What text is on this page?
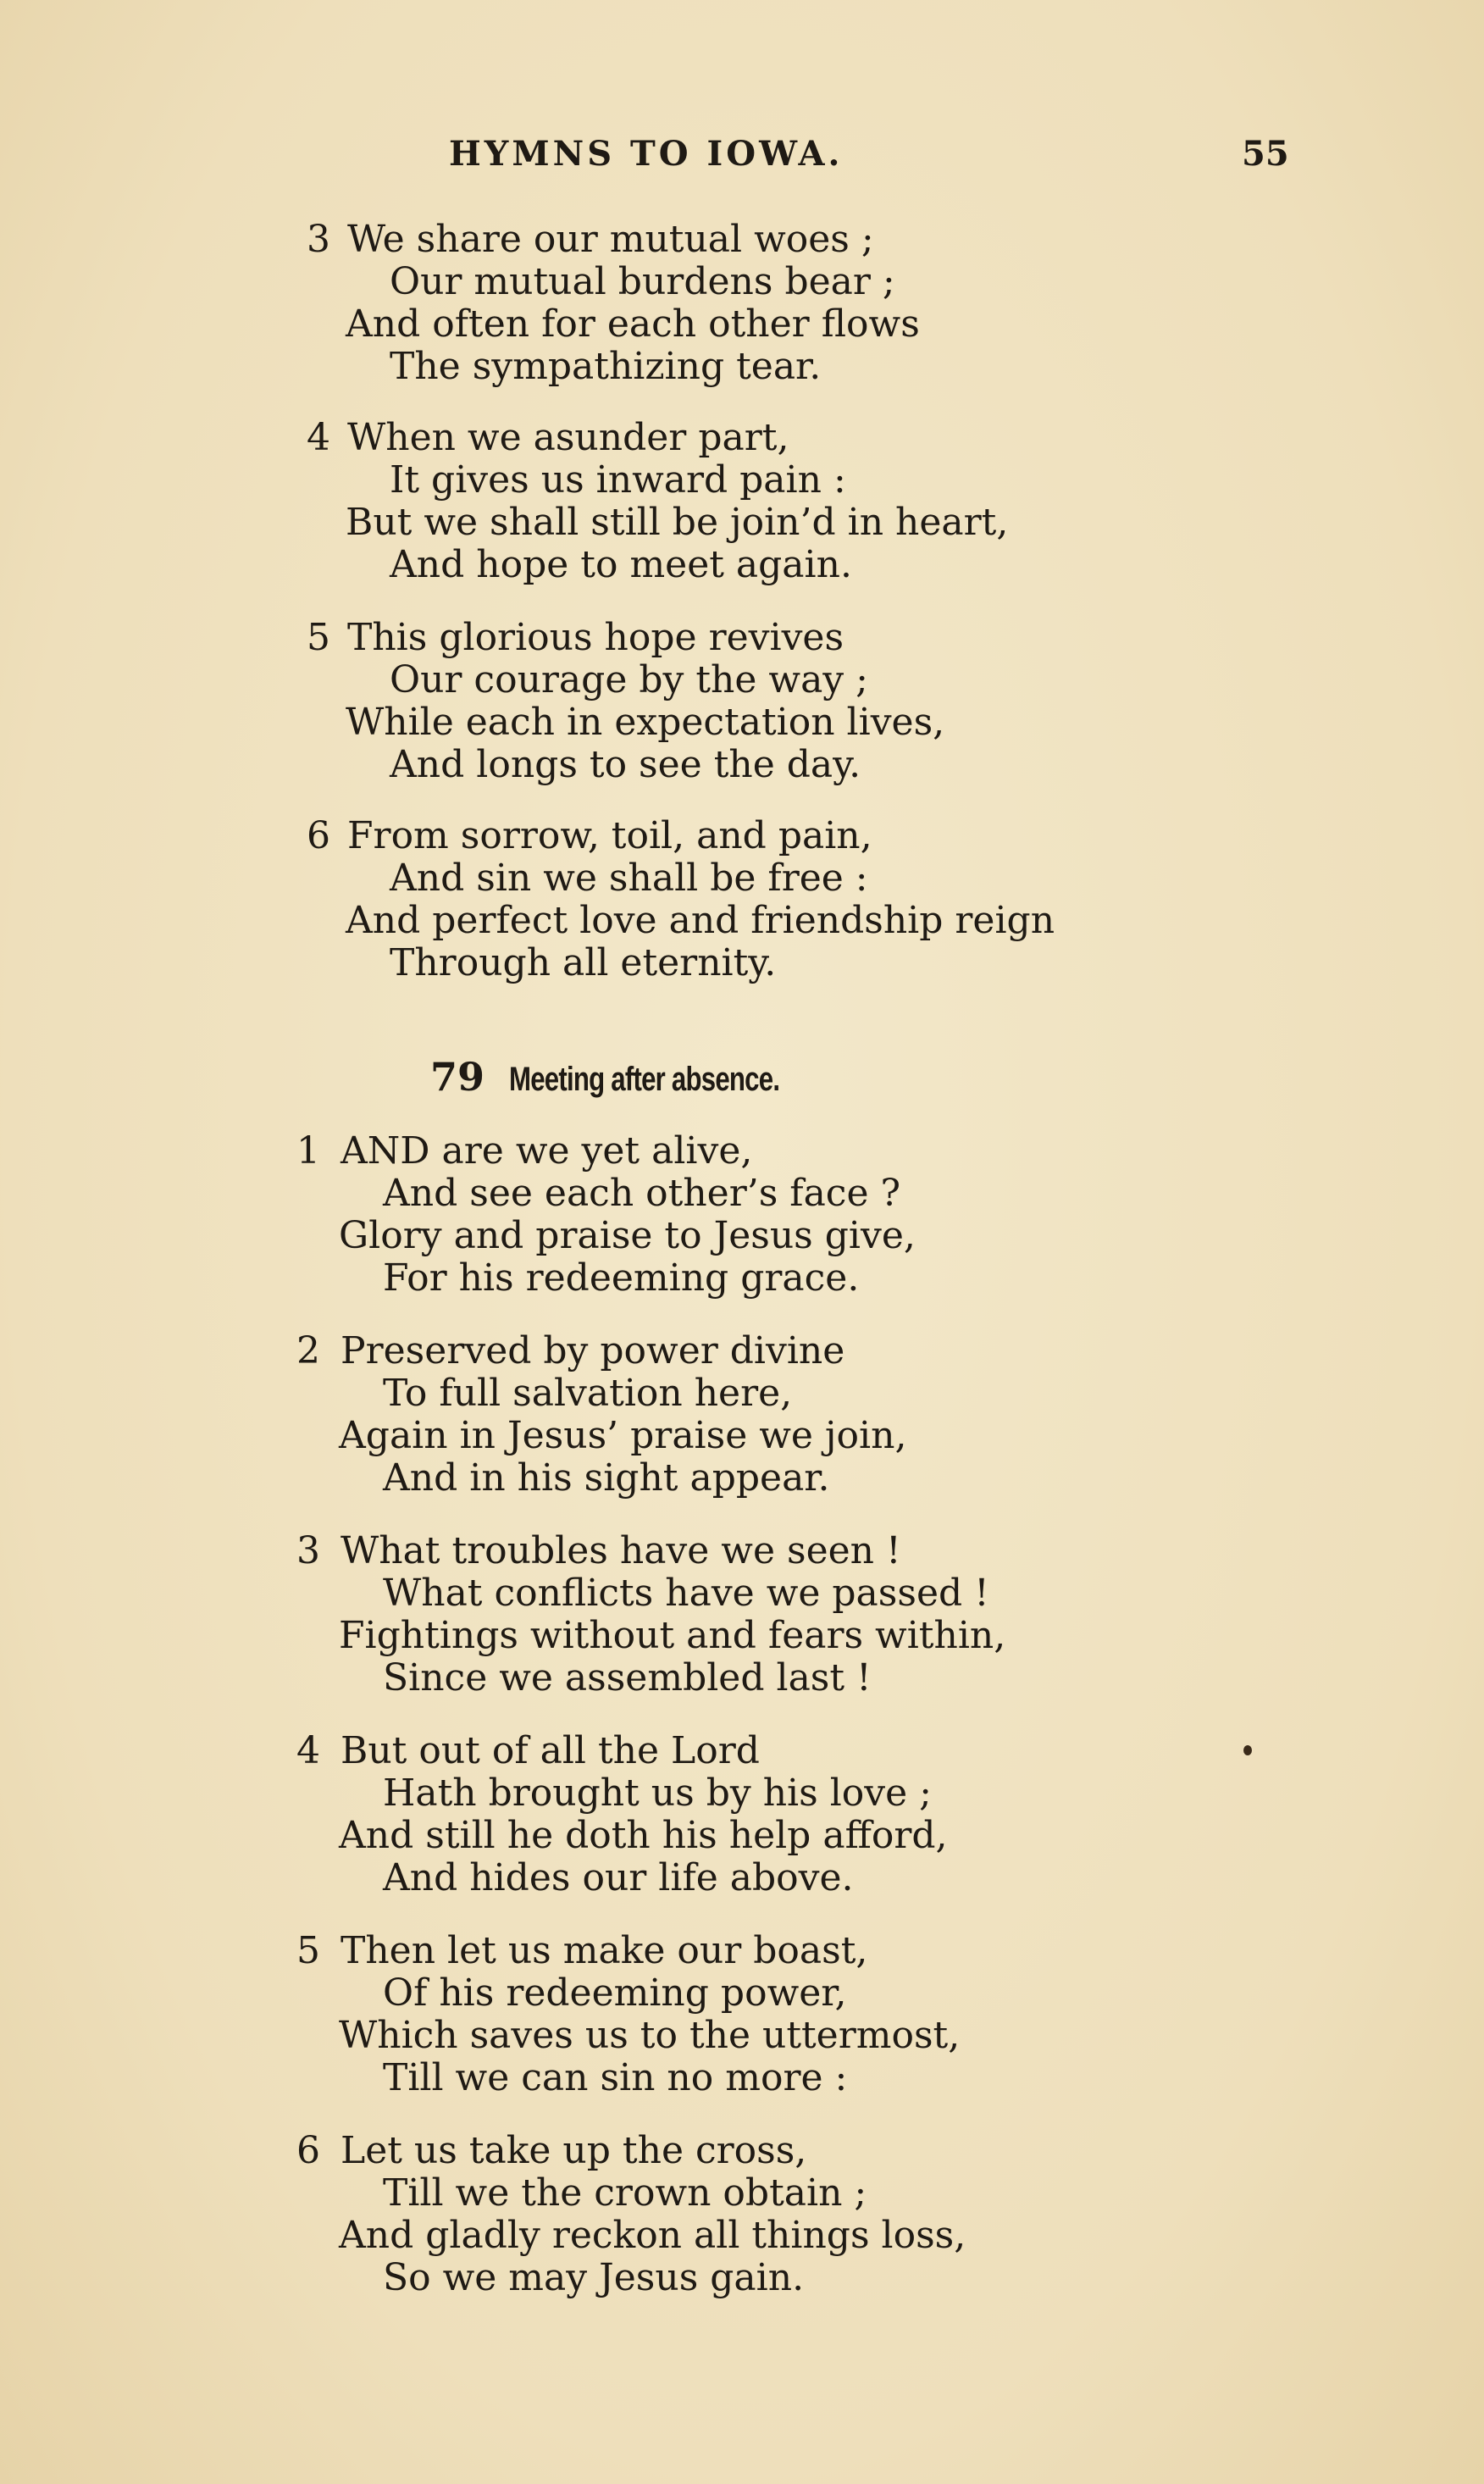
HYMNS TO IOWA.	55
3 We share our mutual woes ;
Our mutual burdens bear ;
And often for each other flows
The sympathizing tear.
4 When we asunder part,
It gives us inward pain :
But we shall still be join’d in heart,
And hope to meet again.
5 This glorious hope revives
Our courage by the way ;
While each in expectation lives,
And longs to see the day.
6 From sorrow, toil, and pain,
And sin we shall be free :
And perfect love and friendship reign
Through all eternity.
79 Meeting after absence.
1 AND are we yet alive,
And see each other’s face ?
Glory and praise to Jesus give,
For his redeeming grace.
2 Preserved by power divine
To full salvation here,
Again in Jesus’ praise we join,
And in his sight appear.
3 What troubles have we seen !
What conflicts have we passed !
Fightings without and fears within,
Since we assembled last !
4 But out of all the Lord
Hath brought us by his love ;
And still he doth his help afford,
And hides our life above.
5 Then let us make our boast,
Of his redeeming power,
Which saves us to the uttermost,
Till we can sin no more :
6 Let us take up the cross,
Till we the crown obtain ;
And gladly reckon all things loss,
So we may Jesus gain.
